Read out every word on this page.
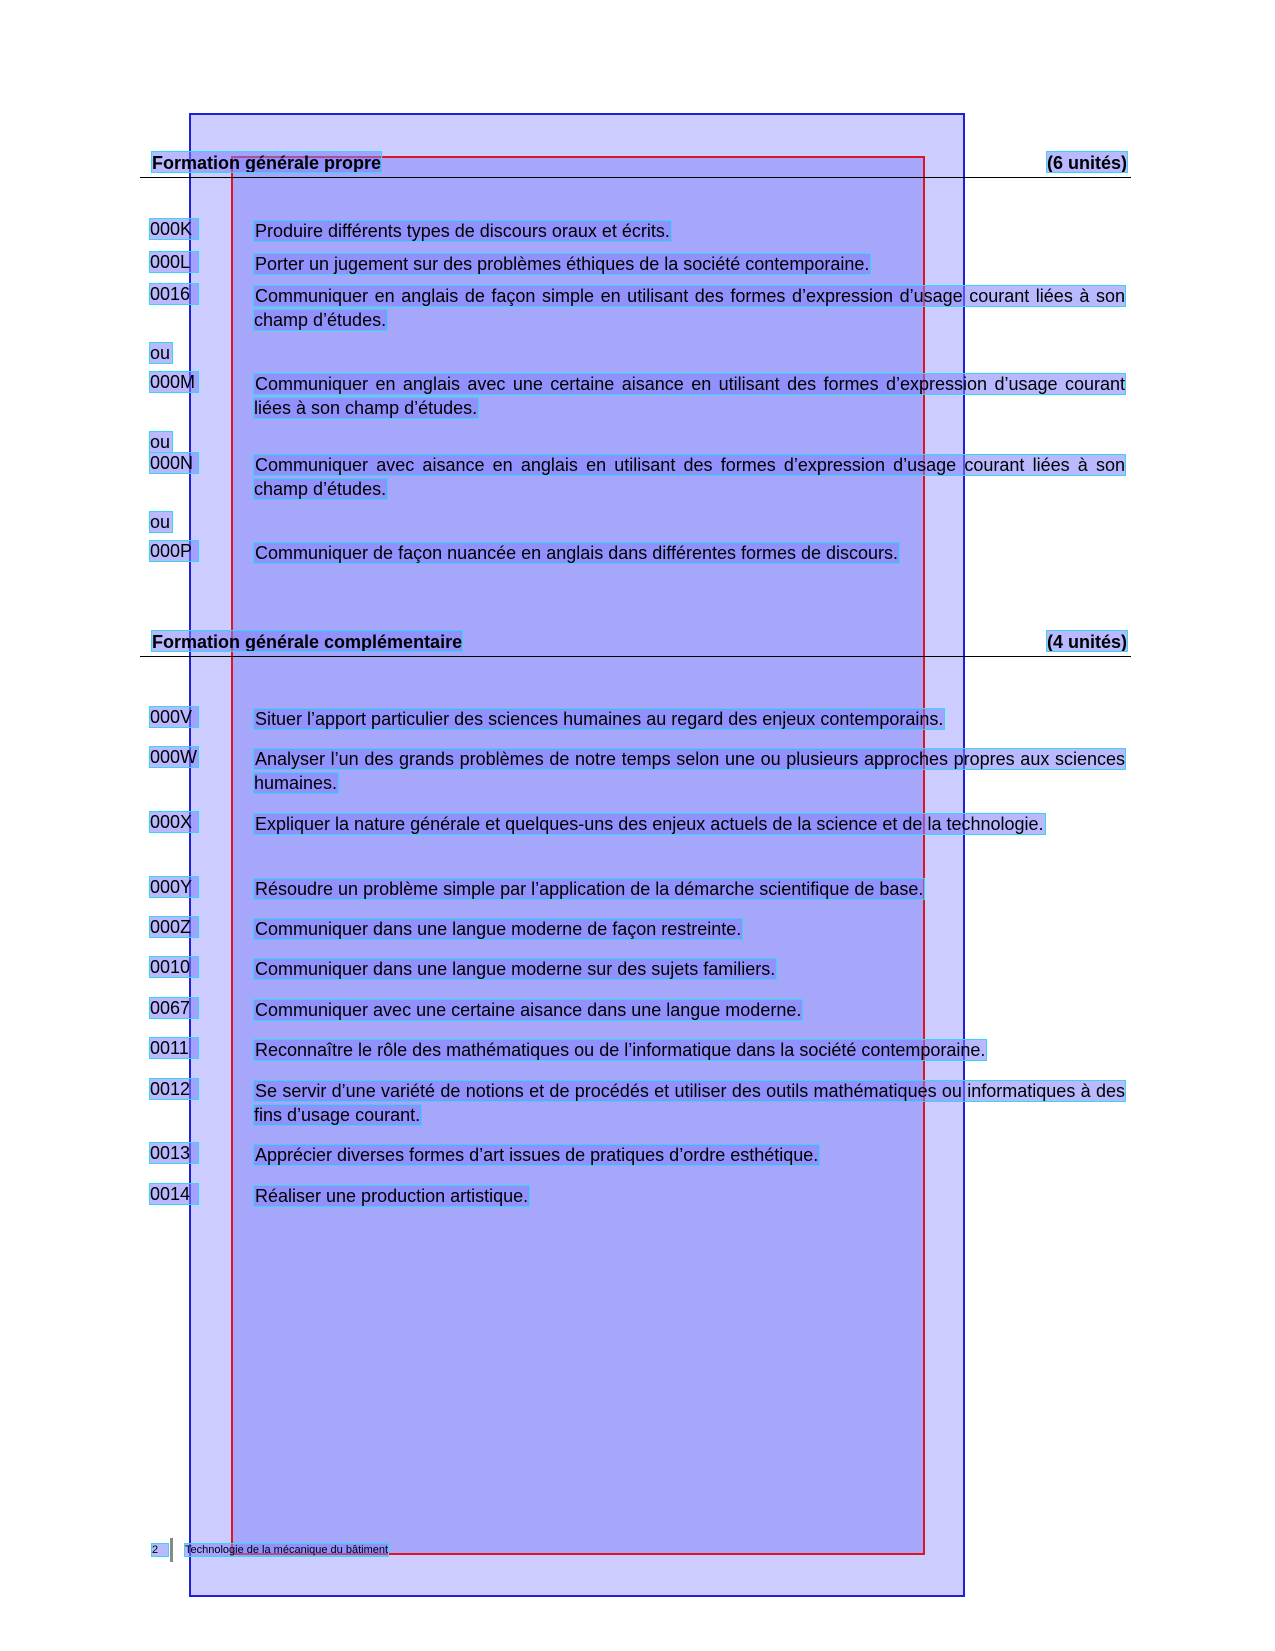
Formation générale propre	(6 unités)
000K	Produire différents types de discours oraux et écrits.
000L	Porter un jugement sur des problèmes éthiques de la société contemporaine.
0016	Communiquer en anglais de façon simple en utilisant des formes d’expression d’usage courant liées à son champ d’études.
ou
000M	Communiquer en anglais avec une certaine aisance en utilisant des formes d’expression d’usage courant liées à son champ d’études.
ou
000N	Communiquer avec aisance en anglais en utilisant des formes d’expression d’usage courant liées à son champ d’études.
ou
000P	Communiquer de façon nuancée en anglais dans différentes formes de discours.
Formation générale complémentaire	(4 unités)
000V	Situer l’apport particulier des sciences humaines au regard des enjeux contemporains.
000W	Analyser l’un des grands problèmes de notre temps selon une ou plusieurs approches propres aux sciences humaines.
000X	Expliquer la nature générale et quelques-uns des enjeux actuels de la science et de la technologie.
000Y	Résoudre un problème simple par l’application de la démarche scientifique de base.
000Z	Communiquer dans une langue moderne de façon restreinte.
0010	Communiquer dans une langue moderne sur des sujets familiers.
0067	Communiquer avec une certaine aisance dans une langue moderne.
0011	Reconnaître le rôle des mathématiques ou de l’informatique dans la société contemporaine.
0012	Se servir d’une variété de notions et de procédés et utiliser des outils mathématiques ou informatiques à des fins d’usage courant.
0013	Apprécier diverses formes d’art issues de pratiques d’ordre esthétique.
0014	Réaliser une production artistique.
2	Technologie de la mécanique du bâtiment
